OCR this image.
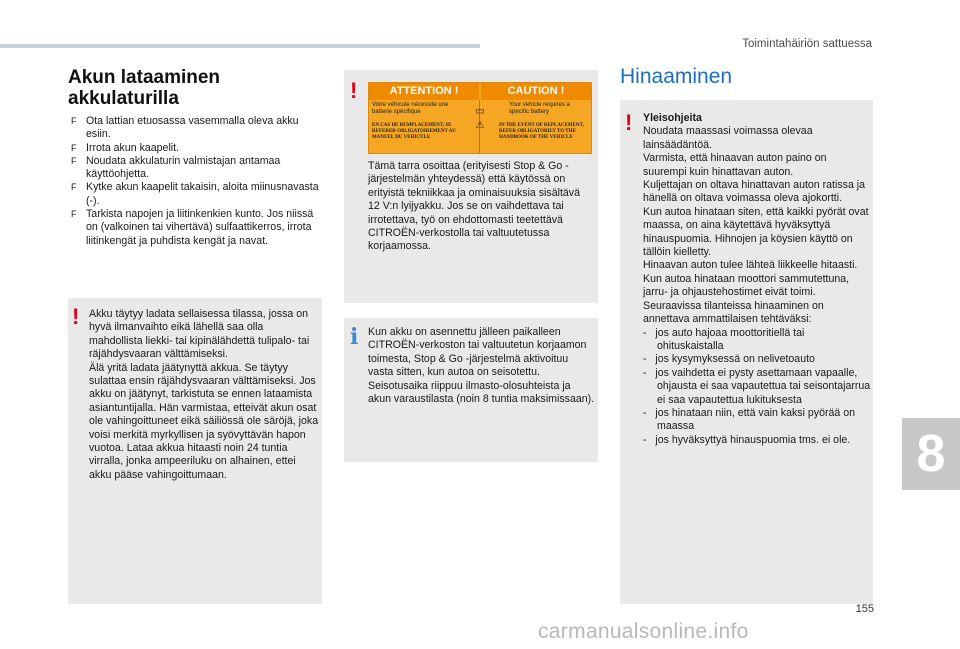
Toimintahäiriön sattuessa
Akun lataaminen akkulaturilla
F Ota lattian etuosassa vasemmalla oleva akku esiin.
F Irrota akun kaapelit.
F Noudata akkulaturin valmistajan antamaa käyttöohjetta.
F Kytke akun kaapelit takaisin, aloita miinusnavasta (-).
F Tarkista napojen ja liitinkenkien kunto. Jos niissä on (valkoinen tai vihertävä) sulfaattikerros, irrota liitinkengät ja puhdista kengät ja navat.
! Akku täytyy ladata sellaisessa tilassa, jossa on hyvä ilmanvaihto eikä lähellä saa olla mahdollista liekki- tai kipinälähdettä tulipalo- tai räjähdysvaaran välttämiseksi.
Älä yritä ladata jäätynyttä akkua. Se täytyy sulattaa ensin räjähdysvaaran välttämiseksi. Jos akku on jäätynyt, tarkistuta se ennen lataamista asiantuntijalla. Hän varmistaa, etteivät akun osat ole vahingoittuneet eikä säiliössä ole säröjä, joka voisi merkitä myrkyllisen ja syövyttävän hapon vuotoa. Lataa akkua hitaasti noin 24 tuntia virralla, jonka ampeeriluku on alhainen, ettei akku pääse vahingoittumaan.
!	ATTENTION !	CAUTION !
Votre véhicule nécessite une batterie spécifique
Your vehicle requires a specific battery
EN CAS DE REMPLACEMENT, SE REFERER OBLIGATOIREMENT AU MANUEL DU VEHICULE
IN THE EVENT OF REPLACEMENT, REFER OBLIGATORILY TO THE HANDBOOK OF THE VEHICLE
▭
⚠
Tämä tarra osoittaa (erityisesti Stop & Go -järjestelmän yhteydessä) että käytössä on erityistä tekniikkaa ja ominaisuuksia sisältävä 12 V:n lyijyakku. Jos se on vaihdettava tai irrotettava, työ on ehdottomasti teetettävä CITROËN-verkostolla tai valtuutetussa korjaamossa.
i Kun akku on asennettu jälleen paikalleen CITROËN-verkoston tai valtuutetun korjaamon toimesta, Stop & Go -järjestelmä aktivoituu vasta sitten, kun autoa on seisotettu. Seisotusaika riippuu ilmasto-olosuhteista ja akun varaustilasta (noin 8 tuntia maksimissaan).
Hinaaminen
! Yleisohjeita
Noudata maassasi voimassa olevaa lainsäädäntöä.
Varmista, että hinaavan auton paino on suurempi kuin hinattavan auton.
Kuljettajan on oltava hinattavan auton ratissa ja hänellä on oltava voimassa oleva ajokortti.
Kun autoa hinataan siten, että kaikki pyörät ovat maassa, on aina käytettävä hyväksyttyä hinauspuomia. Hihnojen ja köysien käyttö on tällöin kielletty.
Hinaavan auton tulee lähteä liikkeelle hitaasti.
Kun autoa hinataan moottori sammutettuna, jarru- ja ohjaustehostimet eivät toimi.
Seuraavissa tilanteissa hinaaminen on annettava ammattilaisen tehtäväksi:

-   jos auto hajoaa moottoritiellä tai ohituskaistalla
-   jos kysymyksessä on nelivetoauto
-   jos vaihdetta ei pysty asettamaan vapaalle, ohjausta ei saa vapautettua tai seisontajarrua ei saa vapautettua lukituksesta
-   jos hinataan niin, että vain kaksi pyörää on maassa
-   jos hyväksyttyä hinauspuomia tms. ei ole.	8
155
carmanualsonline.info
